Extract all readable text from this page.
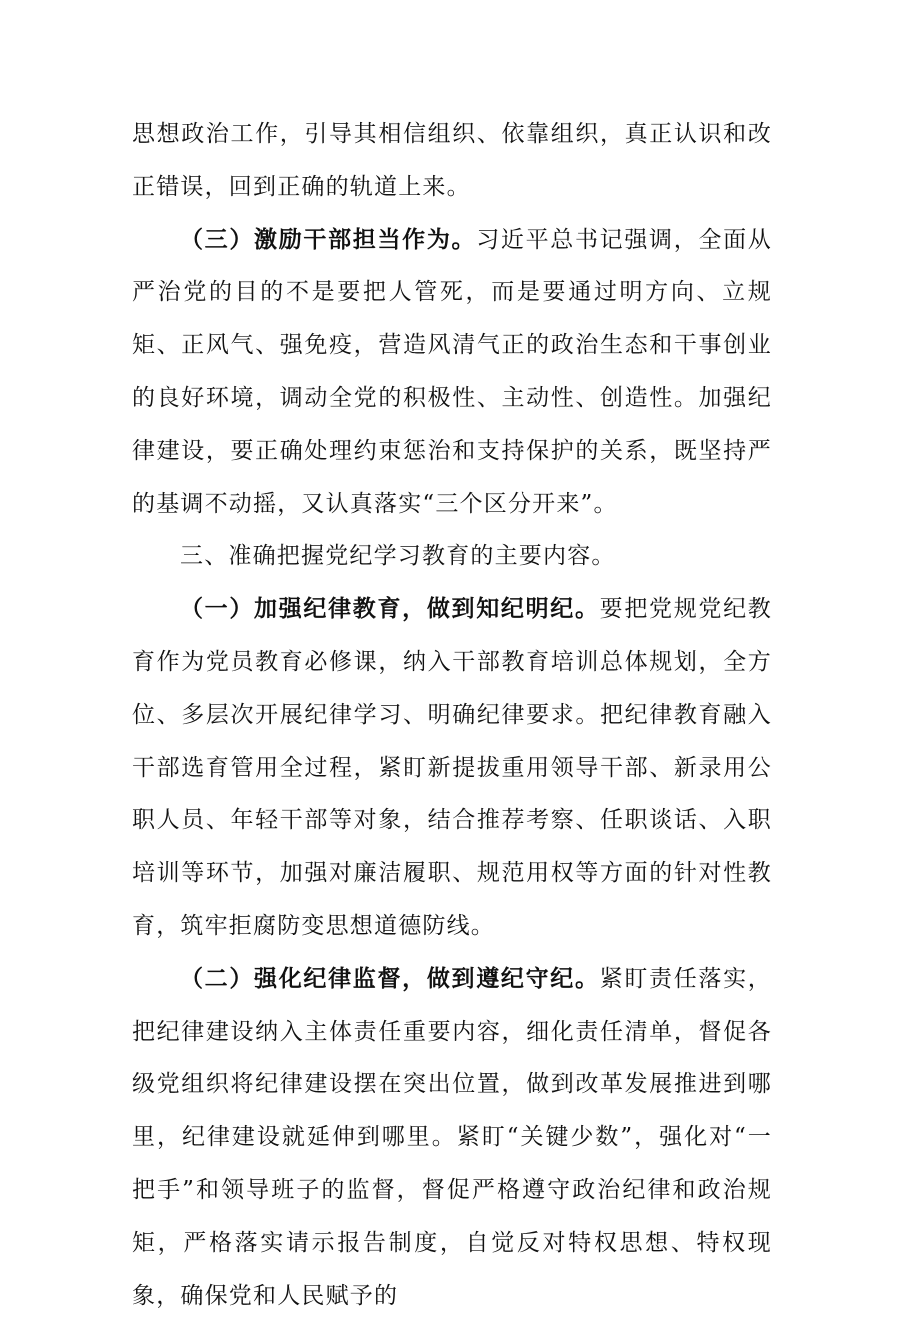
思想政治工作，引导其相信组织、依靠组织，真正认识和改正错误，回到正确的轨道上来。

（三）激励干部担当作为。习近平总书记强调，全面从严治党的目的不是要把人管死，而是要通过明方向、立规矩、正风气、强免疫，营造风清气正的政治生态和干事创业的良好环境，调动全党的积极性、主动性、创造性。加强纪律建设，要正确处理约束惩治和支持保护的关系，既坚持严的基调不动摇，又认真落实“三个区分开来”。

三、准确把握党纪学习教育的主要内容。

（一）加强纪律教育，做到知纪明纪。要把党规党纪教育作为党员教育必修课，纳入干部教育培训总体规划，全方位、多层次开展纪律学习、明确纪律要求。把纪律教育融入干部选育管用全过程，紧盯新提拔重用领导干部、新录用公职人员、年轻干部等对象，结合推荐考察、任职谈话、入职培训等环节，加强对廉洁履职、规范用权等方面的针对性教育，筑牢拒腐防变思想道德防线。

（二）强化纪律监督，做到遵纪守纪。紧盯责任落实，把纪律建设纳入主体责任重要内容，细化责任清单，督促各级党组织将纪律建设摆在突出位置，做到改革发展推进到哪里，纪律建设就延伸到哪里。紧盯“关键少数”，强化对“一把手”和领导班子的监督，督促严格遵守政治纪律和政治规矩，严格落实请示报告制度，自觉反对特权思想、特权现象，确保党和人民赋予的
